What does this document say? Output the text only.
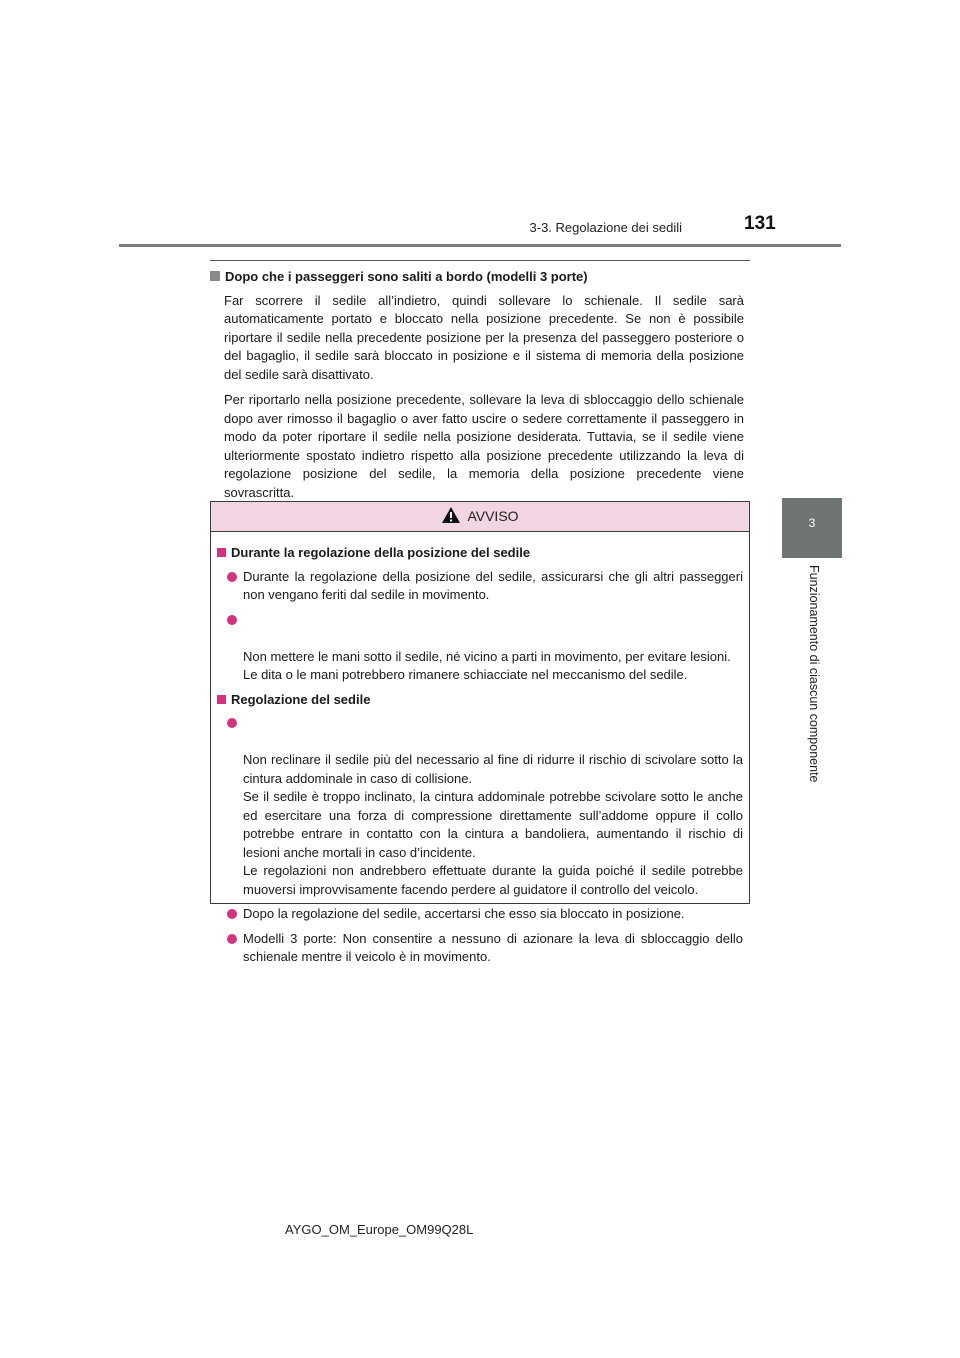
3-3. Regolazione dei sedili	131
3
Funzionamento di ciascun componente
Dopo che i passeggeri sono saliti a bordo (modelli 3 porte)

Far scorrere il sedile all’indietro, quindi sollevare lo schienale. Il sedile sarà automaticamente portato e bloccato nella posizione precedente. Se non è possibile riportare il sedile nella precedente posizione per la presenza del passeggero posteriore o del bagaglio, il sedile sarà bloccato in posizione e il sistema di memoria della posizione del sedile sarà disattivato.

Per riportarlo nella posizione precedente, sollevare la leva di sbloccaggio dello schienale dopo aver rimosso il bagaglio o aver fatto uscire o sedere correttamente il passeggero in modo da poter riportare il sedile nella posizione desiderata. Tuttavia, se il sedile viene ulteriormente spostato indietro rispetto alla posizione precedente utilizzando la leva di regolazione posizione del sedile, la memoria della posizione precedente viene sovrascritta.

AVVISO
Durante la regolazione della posizione del sedile
Durante la regolazione della posizione del sedile, assicurarsi che gli altri passeggeri non vengano feriti dal sedile in movimento.

Non mettere le mani sotto il sedile, né vicino a parti in movimento, per evitare lesioni.
Le dita o le mani potrebbero rimanere schiacciate nel meccanismo del sedile.

Regolazione del sedile

Non reclinare il sedile più del necessario al fine di ridurre il rischio di scivolare sotto la cintura addominale in caso di collisione.
Se il sedile è troppo inclinato, la cintura addominale potrebbe scivolare sotto le anche ed esercitare una forza di compressione direttamente sull’addome oppure il collo potrebbe entrare in contatto con la cintura a bandoliera, aumentando il rischio di lesioni anche mortali in caso d’incidente.
Le regolazioni non andrebbero effettuate durante la guida poiché il sedile potrebbe muoversi improvvisamente facendo perdere al guidatore il controllo del veicolo.

Dopo la regolazione del sedile, accertarsi che esso sia bloccato in posizione.
Modelli 3 porte: Non consentire a nessuno di azionare la leva di sbloccaggio dello schienale mentre il veicolo è in movimento.
AYGO_OM_Europe_OM99Q28L
